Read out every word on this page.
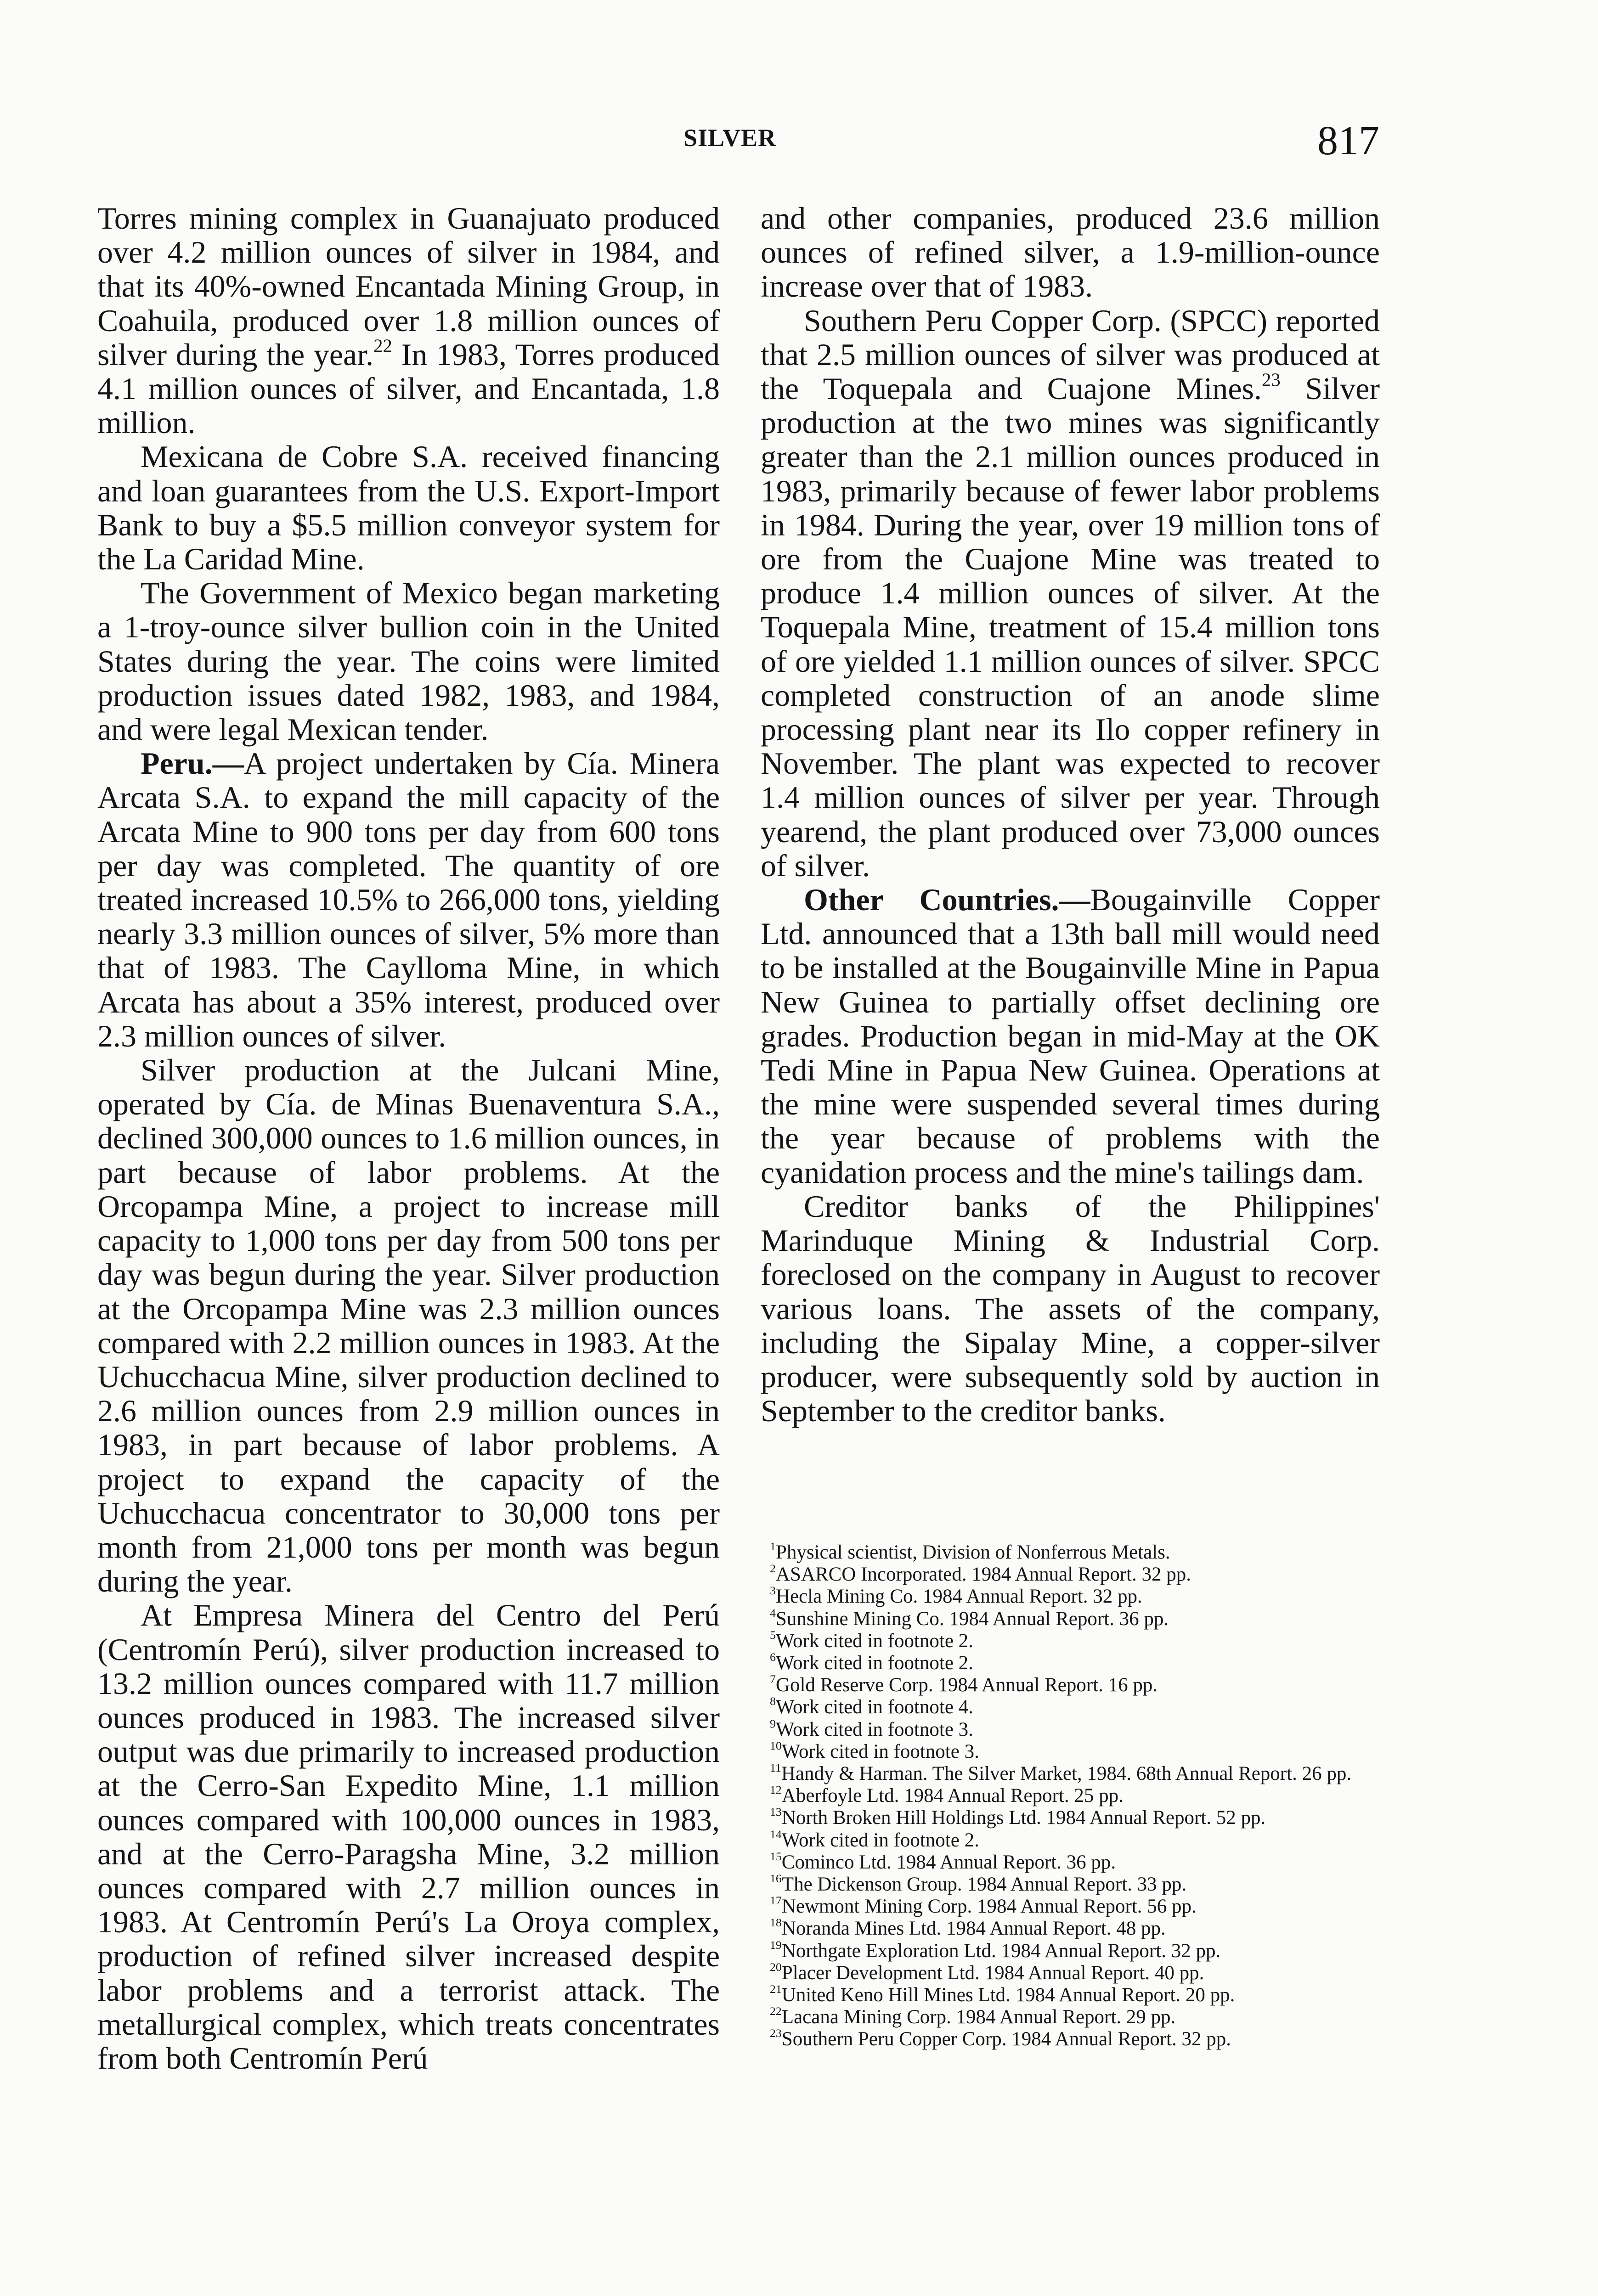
SILVER	817

Torres mining complex in Guanajuato produced over 4.2 million ounces of silver in 1984, and that its 40%-owned Encantada Mining Group, in Coahuila, produced over 1.8 million ounces of silver during the year.$^{22}$ In 1983, Torres produced 4.1 million ounces of silver, and Encantada, 1.8 million.

Mexicana de Cobre S.A. received financing and loan guarantees from the U.S. Export-Import Bank to buy a $5.5 million conveyor system for the La Caridad Mine.

The Government of Mexico began marketing a 1-troy-ounce silver bullion coin in the United States during the year. The coins were limited production issues dated 1982, 1983, and 1984, and were legal Mexican tender.

Peru.—A project undertaken by Cía. Minera Arcata S.A. to expand the mill capacity of the Arcata Mine to 900 tons per day from 600 tons per day was completed. The quantity of ore treated increased 10.5% to 266,000 tons, yielding nearly 3.3 million ounces of silver, 5% more than that of 1983. The Caylloma Mine, in which Arcata has about a 35% interest, produced over 2.3 million ounces of silver.

Silver production at the Julcani Mine, operated by Cía. de Minas Buenaventura S.A., declined 300,000 ounces to 1.6 million ounces, in part because of labor problems. At the Orcopampa Mine, a project to increase mill capacity to 1,000 tons per day from 500 tons per day was begun during the year. Silver production at the Orcopampa Mine was 2.3 million ounces compared with 2.2 million ounces in 1983. At the Uchucchacua Mine, silver production declined to 2.6 million ounces from 2.9 million ounces in 1983, in part because of labor problems. A project to expand the capacity of the Uchucchacua concentrator to 30,000 tons per month from 21,000 tons per month was begun during the year.

At Empresa Minera del Centro del Perú (Centromín Perú), silver production increased to 13.2 million ounces compared with 11.7 million ounces produced in 1983. The increased silver output was due primarily to increased production at the Cerro-San Expedito Mine, 1.1 million ounces compared with 100,000 ounces in 1983, and at the Cerro-Paragsha Mine, 3.2 million ounces compared with 2.7 million ounces in 1983. At Centromín Perú's La Oroya complex, production of refined silver increased despite labor problems and a terrorist attack. The metallurgical complex, which treats concentrates from both Centromín Perú

and other companies, produced 23.6 million ounces of refined silver, a 1.9-million-ounce increase over that of 1983.

Southern Peru Copper Corp. (SPCC) reported that 2.5 million ounces of silver was produced at the Toquepala and Cuajone Mines.$^{23}$ Silver production at the two mines was significantly greater than the 2.1 million ounces produced in 1983, primarily because of fewer labor problems in 1984. During the year, over 19 million tons of ore from the Cuajone Mine was treated to produce 1.4 million ounces of silver. At the Toquepala Mine, treatment of 15.4 million tons of ore yielded 1.1 million ounces of silver. SPCC completed construction of an anode slime processing plant near its Ilo copper refinery in November. The plant was expected to recover 1.4 million ounces of silver per year. Through yearend, the plant produced over 73,000 ounces of silver.

Other Countries.—Bougainville Copper Ltd. announced that a 13th ball mill would need to be installed at the Bougainville Mine in Papua New Guinea to partially offset declining ore grades. Production began in mid-May at the OK Tedi Mine in Papua New Guinea. Operations at the mine were suspended several times during the year because of problems with the cyanidation process and the mine's tailings dam.

Creditor banks of the Philippines' Marinduque Mining & Industrial Corp. foreclosed on the company in August to recover various loans. The assets of the company, including the Sipalay Mine, a copper-silver producer, were subsequently sold by auction in September to the creditor banks.

$^1$Physical scientist, Division of Nonferrous Metals.

$^2$ASARCO Incorporated. 1984 Annual Report. 32 pp.

$^3$Hecla Mining Co. 1984 Annual Report. 32 pp.

$^4$Sunshine Mining Co. 1984 Annual Report. 36 pp.

$^5$Work cited in footnote 2.

$^6$Work cited in footnote 2.

$^7$Gold Reserve Corp. 1984 Annual Report. 16 pp.

$^8$Work cited in footnote 4.

$^9$Work cited in footnote 3.

$^{10}$Work cited in footnote 3.

$^{11}$Handy & Harman. The Silver Market, 1984. 68th Annual Report. 26 pp.

$^{12}$Aberfoyle Ltd. 1984 Annual Report. 25 pp.

$^{13}$North Broken Hill Holdings Ltd. 1984 Annual Report. 52 pp.

$^{14}$Work cited in footnote 2.

$^{15}$Cominco Ltd. 1984 Annual Report. 36 pp.

$^{16}$The Dickenson Group. 1984 Annual Report. 33 pp.

$^{17}$Newmont Mining Corp. 1984 Annual Report. 56 pp.

$^{18}$Noranda Mines Ltd. 1984 Annual Report. 48 pp.

$^{19}$Northgate Exploration Ltd. 1984 Annual Report. 32 pp.

$^{20}$Placer Development Ltd. 1984 Annual Report. 40 pp.

$^{21}$United Keno Hill Mines Ltd. 1984 Annual Report. 20 pp.

$^{22}$Lacana Mining Corp. 1984 Annual Report. 29 pp.

$^{23}$Southern Peru Copper Corp. 1984 Annual Report. 32 pp.
